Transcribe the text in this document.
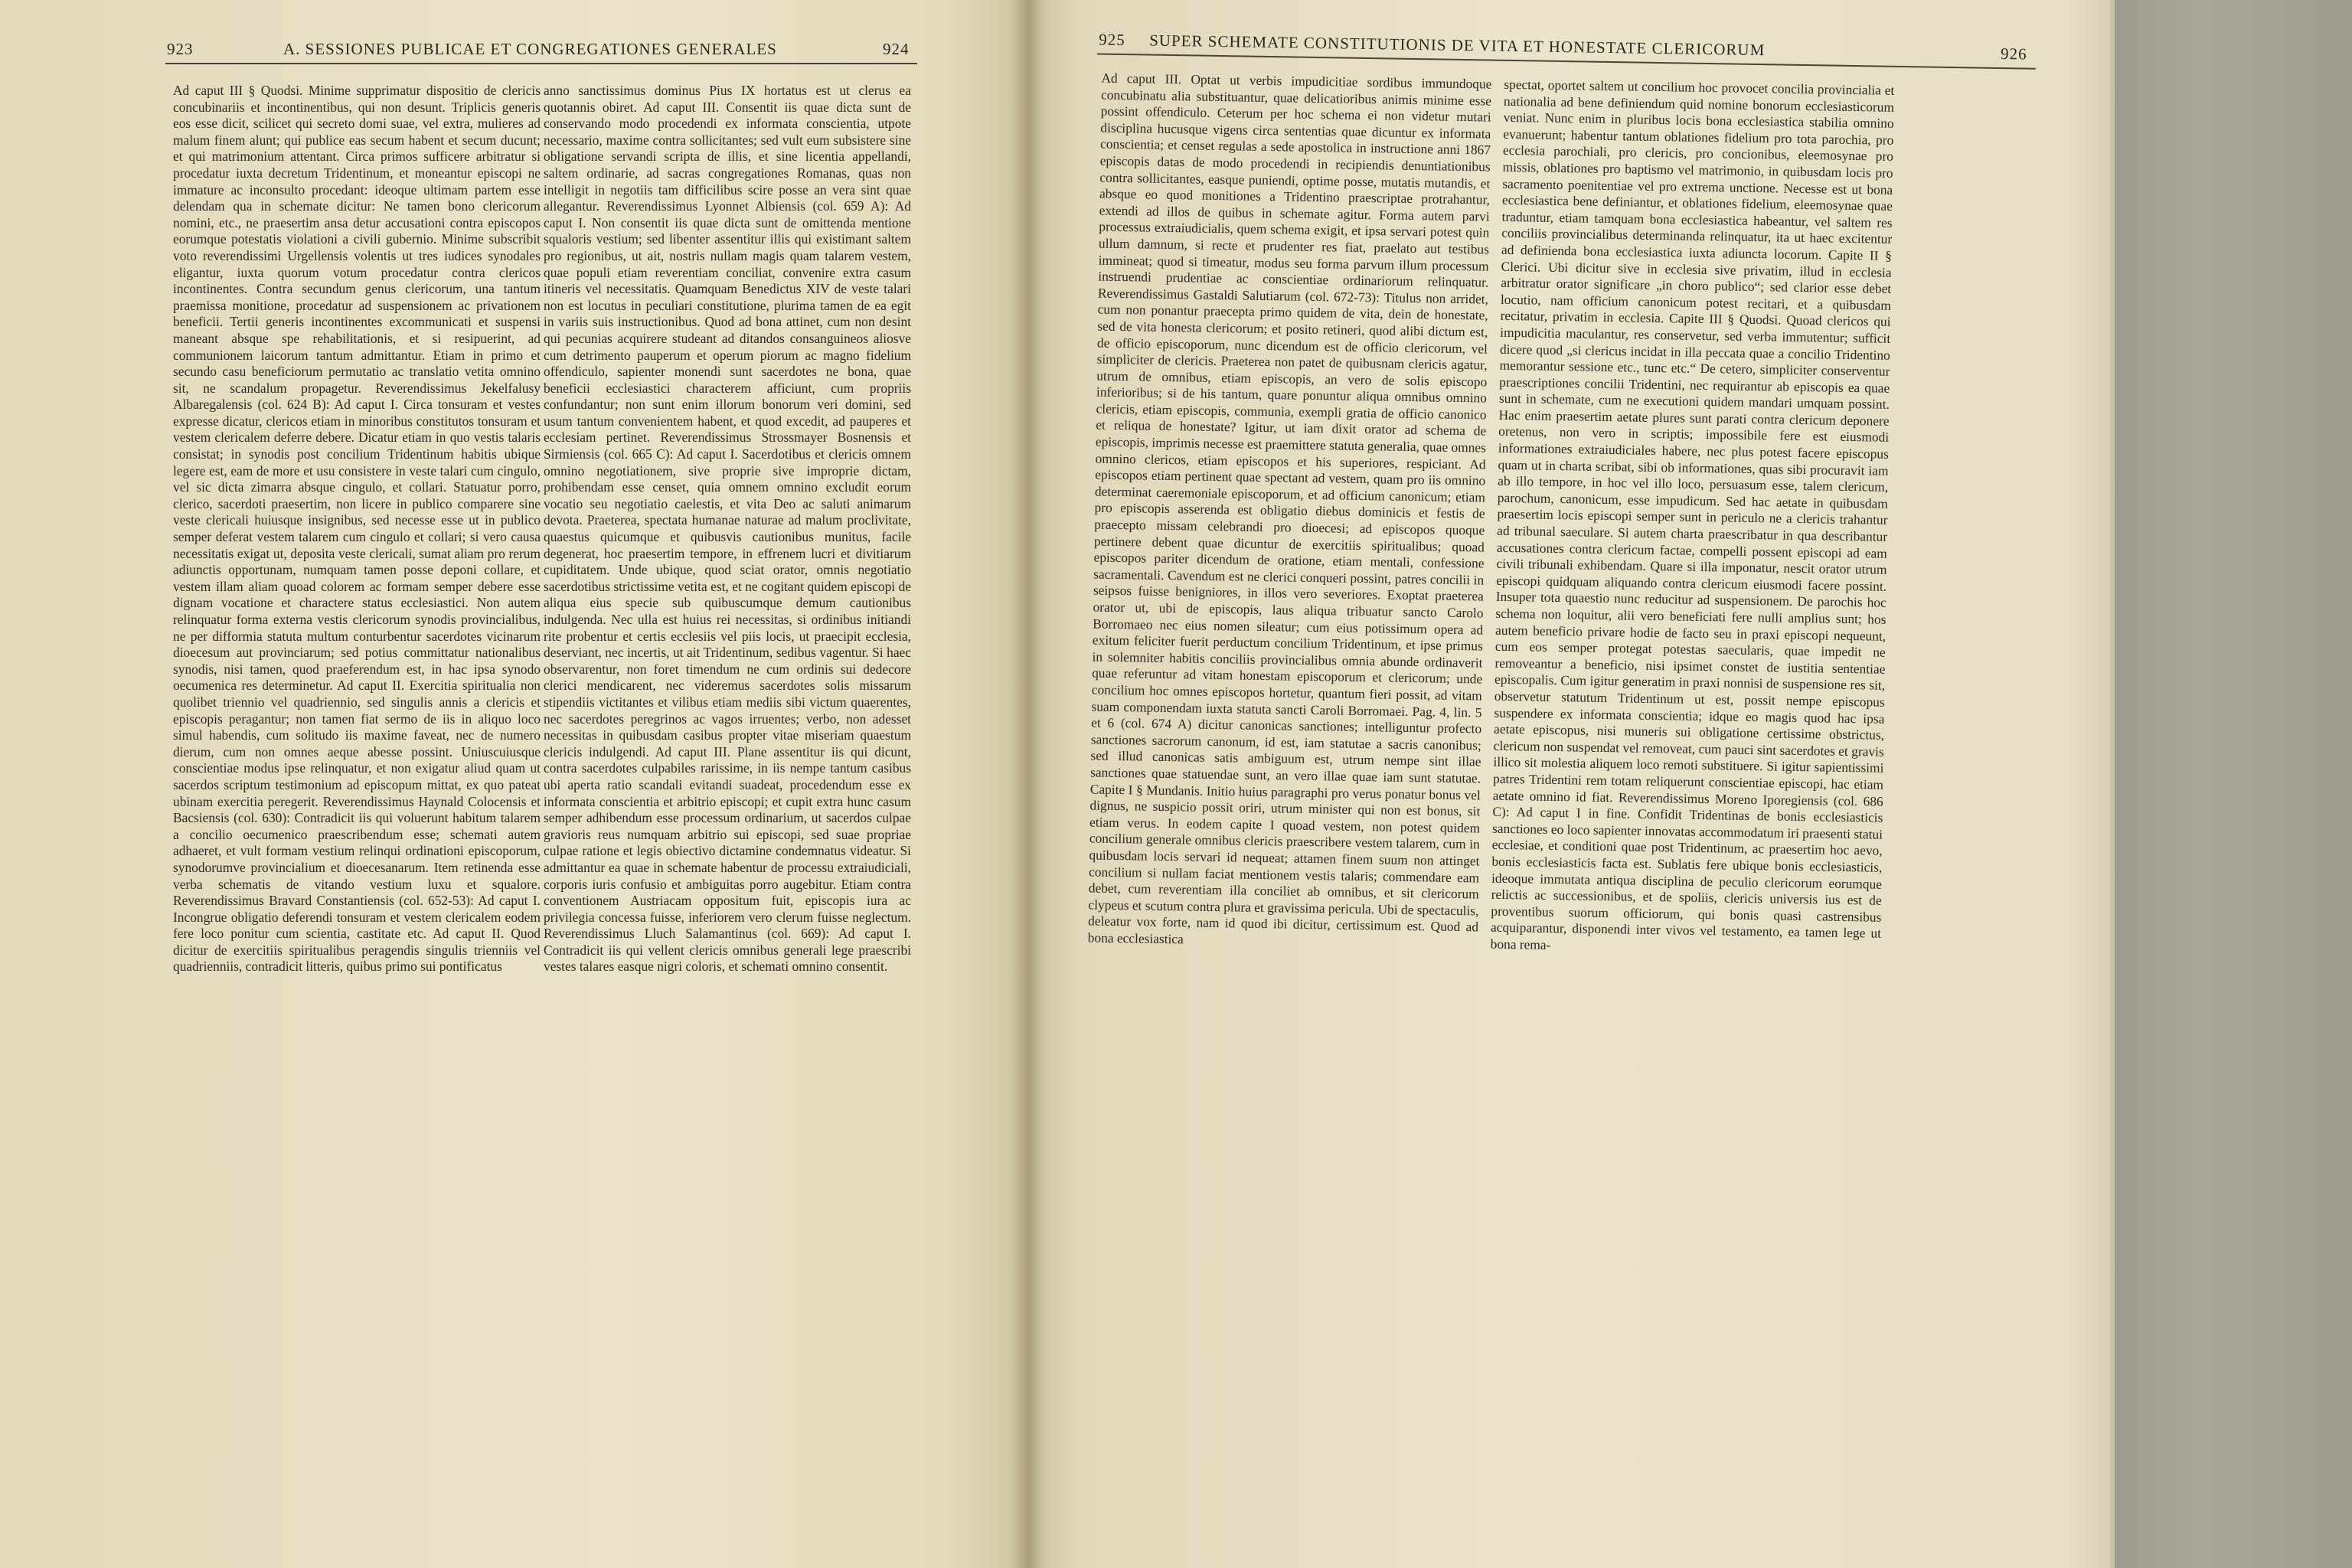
923	A. SESSIONES PUBLICAE ET CONGREGATIONES GENERALES	924
Ad caput III § Quodsi. Minime supprimatur dispositio de clericis concubinariis et incontinentibus, qui non desunt. Triplicis generis eos esse dicit, scilicet qui secreto domi suae, vel extra, mulieres ad malum finem alunt; qui publice eas secum habent et secum ducunt; et qui matrimonium attentant. Circa primos sufficere arbitratur si procedatur iuxta decretum Tridentinum, et moneantur episcopi ne immature ac inconsulto procedant: ideoque ultimam partem esse delendam qua in schemate dicitur: Ne tamen bono clericorum nomini, etc., ne praesertim ansa detur accusationi contra episcopos eorumque potestatis violationi a civili gubernio. Minime subscribit voto reverendissimi Urgellensis volentis ut tres iudices synodales eligantur, iuxta quorum votum procedatur contra clericos incontinentes. Contra secundum genus clericorum, una tantum praemissa monitione, procedatur ad suspensionem ac privationem beneficii. Tertii generis incontinentes excommunicati et suspensi maneant absque spe rehabilitationis, et si resipuerint, ad communionem laicorum tantum admittantur. Etiam in primo et secundo casu beneficiorum permutatio ac translatio vetita omnino sit, ne scandalum propagetur. Reverendissimus Jekelfalusy Albaregalensis (col. 624 B): Ad caput I. Circa tonsuram et vestes expresse dicatur, clericos etiam in minoribus constitutos tonsuram et vestem clericalem deferre debere. Dicatur etiam in quo vestis talaris consistat; in synodis post concilium Tridentinum habitis ubique legere est, eam de more et usu consistere in veste talari cum cingulo, vel sic dicta zimarra absque cingulo, et collari. Statuatur porro, clerico, sacerdoti praesertim, non licere in publico comparere sine veste clericali huiusque insignibus, sed necesse esse ut in publico semper deferat vestem talarem cum cingulo et collari; si vero causa necessitatis exigat ut, deposita veste clericali, sumat aliam pro rerum adiunctis opportunam, numquam tamen posse deponi collare, et vestem illam aliam quoad colorem ac formam semper debere esse dignam vocatione et charactere status ecclesiastici. Non autem relinquatur forma externa vestis clericorum synodis provincialibus, ne per difformia statuta multum conturbentur sacerdotes vicinarum dioecesum aut provinciarum; sed potius committatur nationalibus synodis, nisi tamen, quod praeferendum est, in hac ipsa synodo oecumenica res determinetur. Ad caput II. Exercitia spiritualia non quolibet triennio vel quadriennio, sed singulis annis a clericis et episcopis peragantur; non tamen fiat sermo de iis in aliquo loco simul habendis, cum solitudo iis maxime faveat, nec de numero dierum, cum non omnes aeque abesse possint. Uniuscuiusque conscientiae modus ipse relinquatur, et non exigatur aliud quam ut sacerdos scriptum testimonium ad episcopum mittat, ex quo pateat ubinam exercitia peregerit. Reverendissimus Haynald Colocensis et Bacsiensis (col. 630): Contradicit iis qui voluerunt habitum talarem a concilio oecumenico praescribendum esse; schemati autem adhaeret, et vult formam vestium relinqui ordinationi episcoporum, synodorumve provincialium et dioecesanarum. Item retinenda esse verba schematis de vitando vestium luxu et squalore. Reverendissimus Bravard Constantiensis (col. 652-53): Ad caput I. Incongrue obligatio deferendi tonsuram et vestem clericalem eodem fere loco ponitur cum scientia, castitate etc. Ad caput II. Quod dicitur de exercitiis spiritualibus peragendis singulis trienniis vel quadrienniis, contradicit litteris, quibus primo sui pontificatus
anno sanctissimus dominus Pius IX hortatus est ut clerus ea quotannis obiret. Ad caput III. Consentit iis quae dicta sunt de conservando modo procedendi ex informata conscientia, utpote necessario, maxime contra sollicitantes; sed vult eum subsistere sine obligatione servandi scripta de illis, et sine licentia appellandi, saltem ordinarie, ad sacras congregationes Romanas, quas non intelligit in negotiis tam difficilibus scire posse an vera sint quae allegantur. Reverendissimus Lyonnet Albiensis (col. 659 A): Ad caput I. Non consentit iis quae dicta sunt de omittenda mentione squaloris vestium; sed libenter assentitur illis qui existimant saltem pro regionibus, ut ait, nostris nullam magis quam talarem vestem, quae populi etiam reverentiam conciliat, convenire extra casum itineris vel necessitatis. Quamquam Benedictus XIV de veste talari non est locutus in peculiari constitutione, plurima tamen de ea egit in variis suis instructionibus. Quod ad bona attinet, cum non desint qui pecunias acquirere studeant ad ditandos consanguineos aliosve cum detrimento pauperum et operum piorum ac magno fidelium offendiculo, sapienter monendi sunt sacerdotes ne bona, quae beneficii ecclesiastici characterem afficiunt, cum propriis confundantur; non sunt enim illorum bonorum veri domini, sed usum tantum convenientem habent, et quod excedit, ad pauperes et ecclesiam pertinet. Reverendissimus Strossmayer Bosnensis et Sirmiensis (col. 665 C): Ad caput I. Sacerdotibus et clericis omnem omnino negotiationem, sive proprie sive improprie dictam, prohibendam esse censet, quia omnem omnino excludit eorum vocatio seu negotiatio caelestis, et vita Deo ac saluti animarum devota. Praeterea, spectata humanae naturae ad malum proclivitate, quaestus quicumque et quibusvis cautionibus munitus, facile degenerat, hoc praesertim tempore, in effrenem lucri et divitiarum cupiditatem. Unde ubique, quod sciat orator, omnis negotiatio sacerdotibus strictissime vetita est, et ne cogitant quidem episcopi de aliqua eius specie sub quibuscumque demum cautionibus indulgenda. Nec ulla est huius rei necessitas, si ordinibus initiandi rite probentur et certis ecclesiis vel piis locis, ut praecipit ecclesia, deserviant, nec incertis, ut ait Tridentinum, sedibus vagentur. Si haec observarentur, non foret timendum ne cum ordinis sui dedecore clerici mendicarent, nec videremus sacerdotes solis missarum stipendiis victitantes et vilibus etiam mediis sibi victum quaerentes, nec sacerdotes peregrinos ac vagos irruentes; verbo, non adesset necessitas in quibusdam casibus propter vitae miseriam quaestum clericis indulgendi. Ad caput III. Plane assentitur iis qui dicunt, contra sacerdotes culpabiles rarissime, in iis nempe tantum casibus ubi aperta ratio scandali evitandi suadeat, procedendum esse ex informata conscientia et arbitrio episcopi; et cupit extra hunc casum semper adhibendum esse processum ordinarium, ut sacerdos culpae gravioris reus numquam arbitrio sui episcopi, sed suae propriae culpae ratione et legis obiectivo dictamine condemnatus videatur. Si admittantur ea quae in schemate habentur de processu extraiudiciali, corporis iuris confusio et ambiguitas porro augebitur. Etiam contra conventionem Austriacam oppositum fuit, episcopis iura ac privilegia concessa fuisse, inferiorem vero clerum fuisse neglectum. Reverendissimus Lluch Salamantinus (col. 669): Ad caput I. Contradicit iis qui vellent clericis omnibus generali lege praescribi vestes talares easque nigri coloris, et schemati omnino consentit.
925 SUPER SCHEMATE CONSTITUTIONIS DE VITA ET HONESTATE CLERICORUM	926
Ad caput III. Optat ut verbis impudicitiae sordibus immundoque concubinatu alia substituantur, quae delicatioribus animis minime esse possint offendiculo. Ceterum per hoc schema ei non videtur mutari disciplina hucusque vigens circa sententias quae dicuntur ex informata conscientia; et censet regulas a sede apostolica in instructione anni 1867 episcopis datas de modo procedendi in recipiendis denuntiationibus contra sollicitantes, easque puniendi, optime posse, mutatis mutandis, et absque eo quod monitiones a Tridentino praescriptae protrahantur, extendi ad illos de quibus in schemate agitur. Forma autem parvi processus extraiudicialis, quem schema exigit, et ipsa servari potest quin ullum damnum, si recte et prudenter res fiat, praelato aut testibus immineat; quod si timeatur, modus seu forma parvum illum processum instruendi prudentiae ac conscientiae ordinariorum relinquatur. Reverendissimus Gastaldi Salutiarum (col. 672-73): Titulus non arridet, cum non ponantur praecepta primo quidem de vita, dein de honestate, sed de vita honesta clericorum; et posito retineri, quod alibi dictum est, de officio episcoporum, nunc dicendum est de officio clericorum, vel simpliciter de clericis. Praeterea non patet de quibusnam clericis agatur, utrum de omnibus, etiam episcopis, an vero de solis episcopo inferioribus; si de his tantum, quare ponuntur aliqua omnibus omnino clericis, etiam episcopis, communia, exempli gratia de officio canonico et reliqua de honestate? Igitur, ut iam dixit orator ad schema de episcopis, imprimis necesse est praemittere statuta generalia, quae omnes omnino clericos, etiam episcopos et his superiores, respiciant. Ad episcopos etiam pertinent quae spectant ad vestem, quam pro iis omnino determinat caeremoniale episcoporum, et ad officium canonicum; etiam pro episcopis asserenda est obligatio diebus dominicis et festis de praecepto missam celebrandi pro dioecesi; ad episcopos quoque pertinere debent quae dicuntur de exercitiis spiritualibus; quoad episcopos pariter dicendum de oratione, etiam mentali, confessione sacramentali. Cavendum est ne clerici conqueri possint, patres concilii in seipsos fuisse benigniores, in illos vero severiores. Exoptat praeterea orator ut, ubi de episcopis, laus aliqua tribuatur sancto Carolo Borromaeo nec eius nomen sileatur; cum eius potissimum opera ad exitum feliciter fuerit perductum concilium Tridentinum, et ipse primus in solemniter habitis conciliis provincialibus omnia abunde ordinaverit quae referuntur ad vitam honestam episcoporum et clericorum; unde concilium hoc omnes episcopos hortetur, quantum fieri possit, ad vitam suam componendam iuxta statuta sancti Caroli Borromaei. Pag. 4, lin. 5 et 6 (col. 674 A) dicitur canonicas sanctiones; intelliguntur profecto sanctiones sacrorum canonum, id est, iam statutae a sacris canonibus; sed illud canonicas satis ambiguum est, utrum nempe sint illae sanctiones quae statuendae sunt, an vero illae quae iam sunt statutae. Capite I § Mundanis. Initio huius paragraphi pro verus ponatur bonus vel dignus, ne suspicio possit oriri, utrum minister qui non est bonus, sit etiam verus. In eodem capite I quoad vestem, non potest quidem concilium generale omnibus clericis praescribere vestem talarem, cum in quibusdam locis servari id nequeat; attamen finem suum non attinget concilium si nullam faciat mentionem vestis talaris; commendare eam debet, cum reverentiam illa conciliet ab omnibus, et sit clericorum clypeus et scutum contra plura et gravissima pericula. Ubi de spectaculis, deleatur vox forte, nam id quod ibi dicitur, certissimum est. Quod ad bona ecclesiastica
spectat, oportet saltem ut concilium hoc provocet concilia provincialia et nationalia ad bene definiendum quid nomine bonorum ecclesiasticorum veniat. Nunc enim in pluribus locis bona ecclesiastica stabilia omnino evanuerunt; habentur tantum oblationes fidelium pro tota parochia, pro ecclesia parochiali, pro clericis, pro concionibus, eleemosynae pro missis, oblationes pro baptismo vel matrimonio, in quibusdam locis pro sacramento poenitentiae vel pro extrema unctione. Necesse est ut bona ecclesiastica bene definiantur, et oblationes fidelium, eleemosynae quae traduntur, etiam tamquam bona ecclesiastica habeantur, vel saltem res conciliis provincialibus determinanda relinquatur, ita ut haec excitentur ad definienda bona ecclesiastica iuxta adiuncta locorum. Capite II § Clerici. Ubi dicitur sive in ecclesia sive privatim, illud in ecclesia arbitratur orator significare „in choro publico“; sed clarior esse debet locutio, nam officium canonicum potest recitari, et a quibusdam recitatur, privatim in ecclesia. Capite III § Quodsi. Quoad clericos qui impudicitia maculantur, res conservetur, sed verba immutentur; sufficit dicere quod „si clericus incidat in illa peccata quae a concilio Tridentino memorantur sessione etc., tunc etc.“ De cetero, simpliciter conserventur praescriptiones concilii Tridentini, nec requirantur ab episcopis ea quae sunt in schemate, cum ne executioni quidem mandari umquam possint. Hac enim praesertim aetate plures sunt parati contra clericum deponere oretenus, non vero in scriptis; impossibile fere est eiusmodi informationes extraiudiciales habere, nec plus potest facere episcopus quam ut in charta scribat, sibi ob informationes, quas sibi procuravit iam ab illo tempore, in hoc vel illo loco, persuasum esse, talem clericum, parochum, canonicum, esse impudicum. Sed hac aetate in quibusdam praesertim locis episcopi semper sunt in periculo ne a clericis trahantur ad tribunal saeculare. Si autem charta praescribatur in qua describantur accusationes contra clericum factae, compelli possent episcopi ad eam civili tribunali exhibendam. Quare si illa imponatur, nescit orator utrum episcopi quidquam aliquando contra clericum eiusmodi facere possint. Insuper tota quaestio nunc reducitur ad suspensionem. De parochis hoc schema non loquitur, alii vero beneficiati fere nulli amplius sunt; hos autem beneficio privare hodie de facto seu in praxi episcopi nequeunt, cum eos semper protegat potestas saecularis, quae impedit ne removeantur a beneficio, nisi ipsimet constet de iustitia sententiae episcopalis. Cum igitur generatim in praxi nonnisi de suspensione res sit, observetur statutum Tridentinum ut est, possit nempe episcopus suspendere ex informata conscientia; idque eo magis quod hac ipsa aetate episcopus, nisi muneris sui obligatione certissime obstrictus, clericum non suspendat vel removeat, cum pauci sint sacerdotes et gravis illico sit molestia aliquem loco remoti substituere. Si igitur sapientissimi patres Tridentini rem totam reliquerunt conscientiae episcopi, hac etiam aetate omnino id fiat. Reverendissimus Moreno Iporegiensis (col. 686 C): Ad caput I in fine. Confidit Tridentinas de bonis ecclesiasticis sanctiones eo loco sapienter innovatas accommodatum iri praesenti statui ecclesiae, et conditioni quae post Tridentinum, ac praesertim hoc aevo, bonis ecclesiasticis facta est. Sublatis fere ubique bonis ecclesiasticis, ideoque immutata antiqua disciplina de peculio clericorum eorumque relictis ac successionibus, et de spoliis, clericis universis ius est de proventibus suorum officiorum, qui bonis quasi castrensibus acquiparantur, disponendi inter vivos vel testamento, ea tamen lege ut bona rema-
